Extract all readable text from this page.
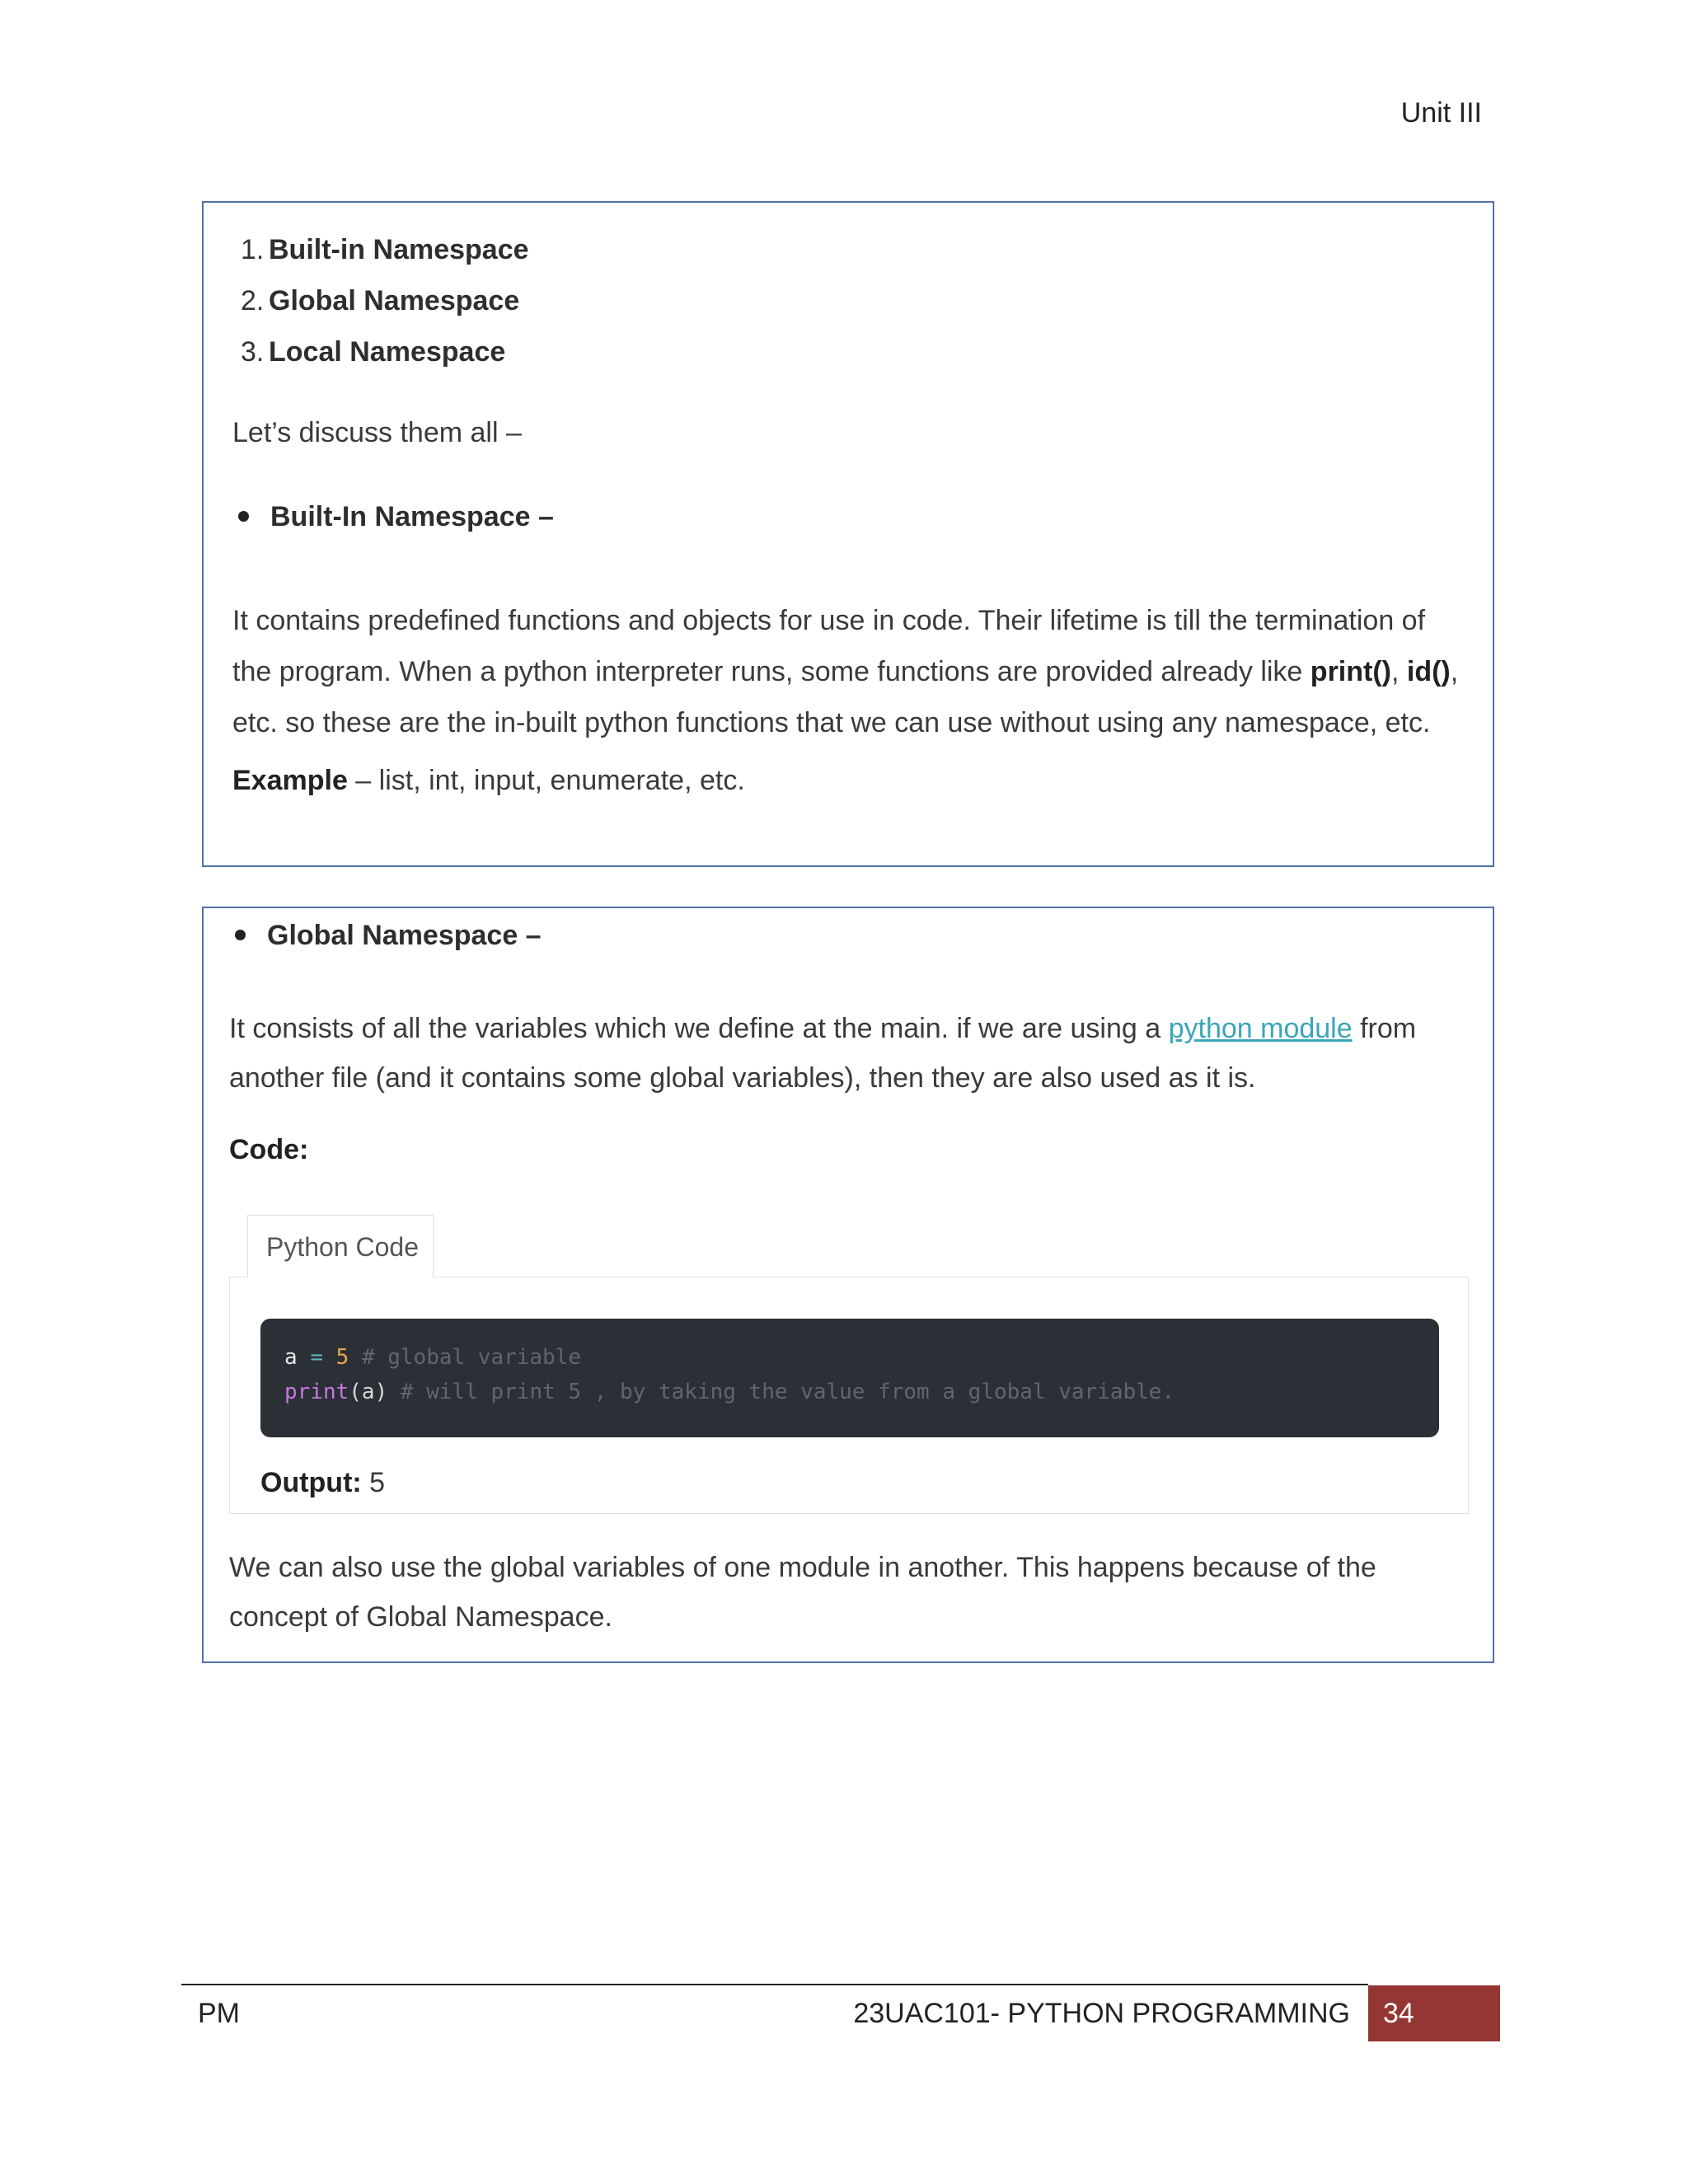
Unit III
1. Built-in Namespace
2. Global Namespace
3. Local Namespace
Let’s discuss them all –
Built-In Namespace –
It contains predefined functions and objects for use in code. Their lifetime is till the termination of the program. When a python interpreter runs, some functions are provided already like print(), id(), etc. so these are the in-built python functions that we can use without using any namespace, etc.
Example – list, int, input, enumerate, etc.
Global Namespace –
It consists of all the variables which we define at the main. if we are using a python module from another file (and it contains some global variables), then they are also used as it is.
Code:
Python Code
a = 5 # global variable
print(a) # will print 5 , by taking the value from a global variable.
Output: 5
We can also use the global variables of one module in another. This happens because of the concept of Global Namespace.
PM	23UAC101- PYTHON PROGRAMMING	34
